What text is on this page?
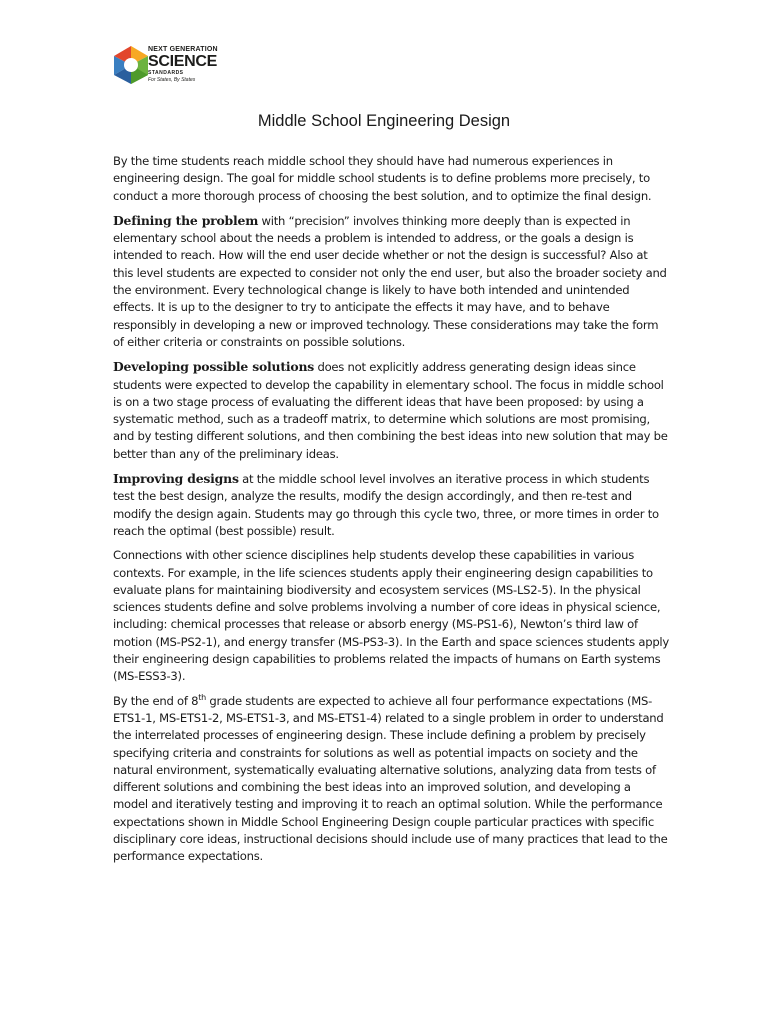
NEXT GENERATION
SCIENCE
STANDARDS
For States, By States
Middle School Engineering Design

By the time students reach middle school they should have had numerous experiences in engineering design. The goal for middle school students is to define problems more precisely, to conduct a more thorough process of choosing the best solution, and to optimize the final design.

Defining the problem with “precision” involves thinking more deeply than is expected in elementary school about the needs a problem is intended to address, or the goals a design is intended to reach. How will the end user decide whether or not the design is successful? Also at this level students are expected to consider not only the end user, but also the broader society and the environment. Every technological change is likely to have both intended and unintended effects. It is up to the designer to try to anticipate the effects it may have, and to behave responsibly in developing a new or improved technology. These considerations may take the form of either criteria or constraints on possible solutions.

Developing possible solutions does not explicitly address generating design ideas since students were expected to develop the capability in elementary school. The focus in middle school is on a two stage process of evaluating the different ideas that have been proposed: by using a systematic method, such as a tradeoff matrix, to determine which solutions are most promising, and by testing different solutions, and then combining the best ideas into new solution that may be better than any of the preliminary ideas.

Improving designs at the middle school level involves an iterative process in which students test the best design, analyze the results, modify the design accordingly, and then re-test and modify the design again. Students may go through this cycle two, three, or more times in order to reach the optimal (best possible) result.

Connections with other science disciplines help students develop these capabilities in various contexts. For example, in the life sciences students apply their engineering design capabilities to evaluate plans for maintaining biodiversity and ecosystem services (MS-LS2-5). In the physical sciences students define and solve problems involving a number of core ideas in physical science, including: chemical processes that release or absorb energy (MS-PS1-6), Newton’s third law of motion (MS-PS2-1), and energy transfer (MS-PS3-3). In the Earth and space sciences students apply their engineering design capabilities to problems related the impacts of humans on Earth systems (MS-ESS3-3).

By the end of 8th grade students are expected to achieve all four performance expectations (MS-ETS1-1, MS-ETS1-2, MS-ETS1-3, and MS-ETS1-4) related to a single problem in order to understand the interrelated processes of engineering design. These include defining a problem by precisely specifying criteria and constraints for solutions as well as potential impacts on society and the natural environment, systematically evaluating alternative solutions, analyzing data from tests of different solutions and combining the best ideas into an improved solution, and developing a model and iteratively testing and improving it to reach an optimal solution. While the performance expectations shown in Middle School Engineering Design couple particular practices with specific disciplinary core ideas, instructional decisions should include use of many practices that lead to the performance expectations.
